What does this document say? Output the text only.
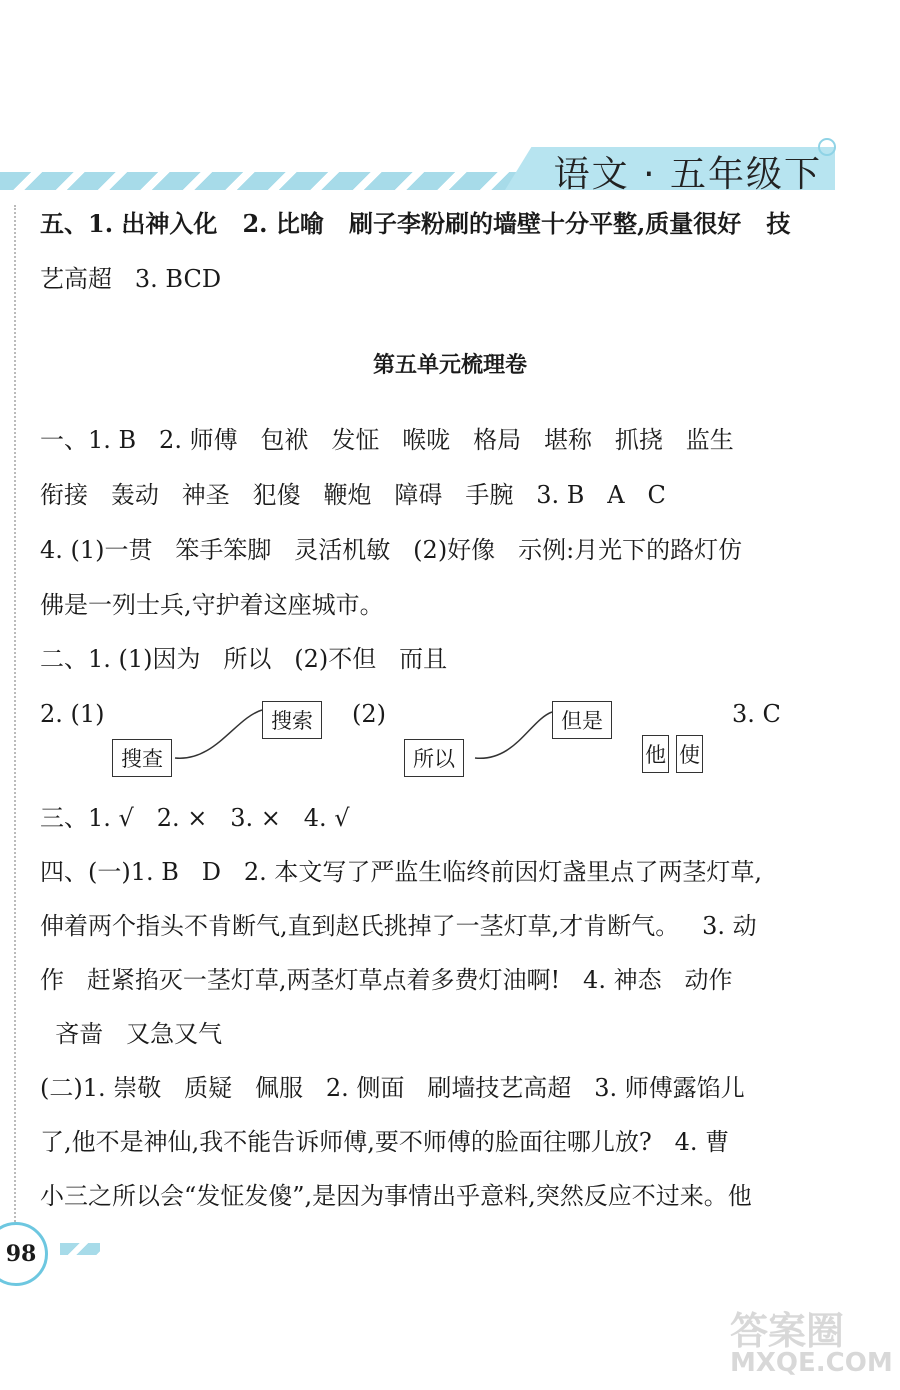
语文 · 五年级下
五、1. 出神入化   2. 比喻   刷子李粉刷的墙壁十分平整,质量很好   技
艺高超   3. BCD
第五单元梳理卷
一、1. B   2. 师傅   包袱   发怔   喉咙   格局   堪称   抓挠   监生
衔接   轰动   神圣   犯傻   鞭炮   障碍   手腕   3. B   A   C
4. (1)一贯   笨手笨脚   灵活机敏   (2)好像   示例:月光下的路灯仿
佛是一列士兵,守护着这座城市。
二、1. (1)因为   所以   (2)不但   而且
2. (1)	搜索
搜查
(2)	但是
所以	他 使
3. C
三、1. √   2. ×   3. ×   4. √
四、(一)1. B   D   2. 本文写了严监生临终前因灯盏里点了两茎灯草,
伸着两个指头不肯断气,直到赵氏挑掉了一茎灯草,才肯断气。   3. 动
作   赶紧掐灭一茎灯草,两茎灯草点着多费灯油啊!   4. 神态   动作
吝啬   又急又气
(二)1. 崇敬   质疑   佩服   2. 侧面   刷墙技艺高超   3. 师傅露馅儿
了,他不是神仙,我不能告诉师傅,要不师傅的脸面往哪儿放?   4. 曹
小三之所以会“发怔发傻”,是因为事情出乎意料,突然反应不过来。他
98
答案圈
MXQE.COM
